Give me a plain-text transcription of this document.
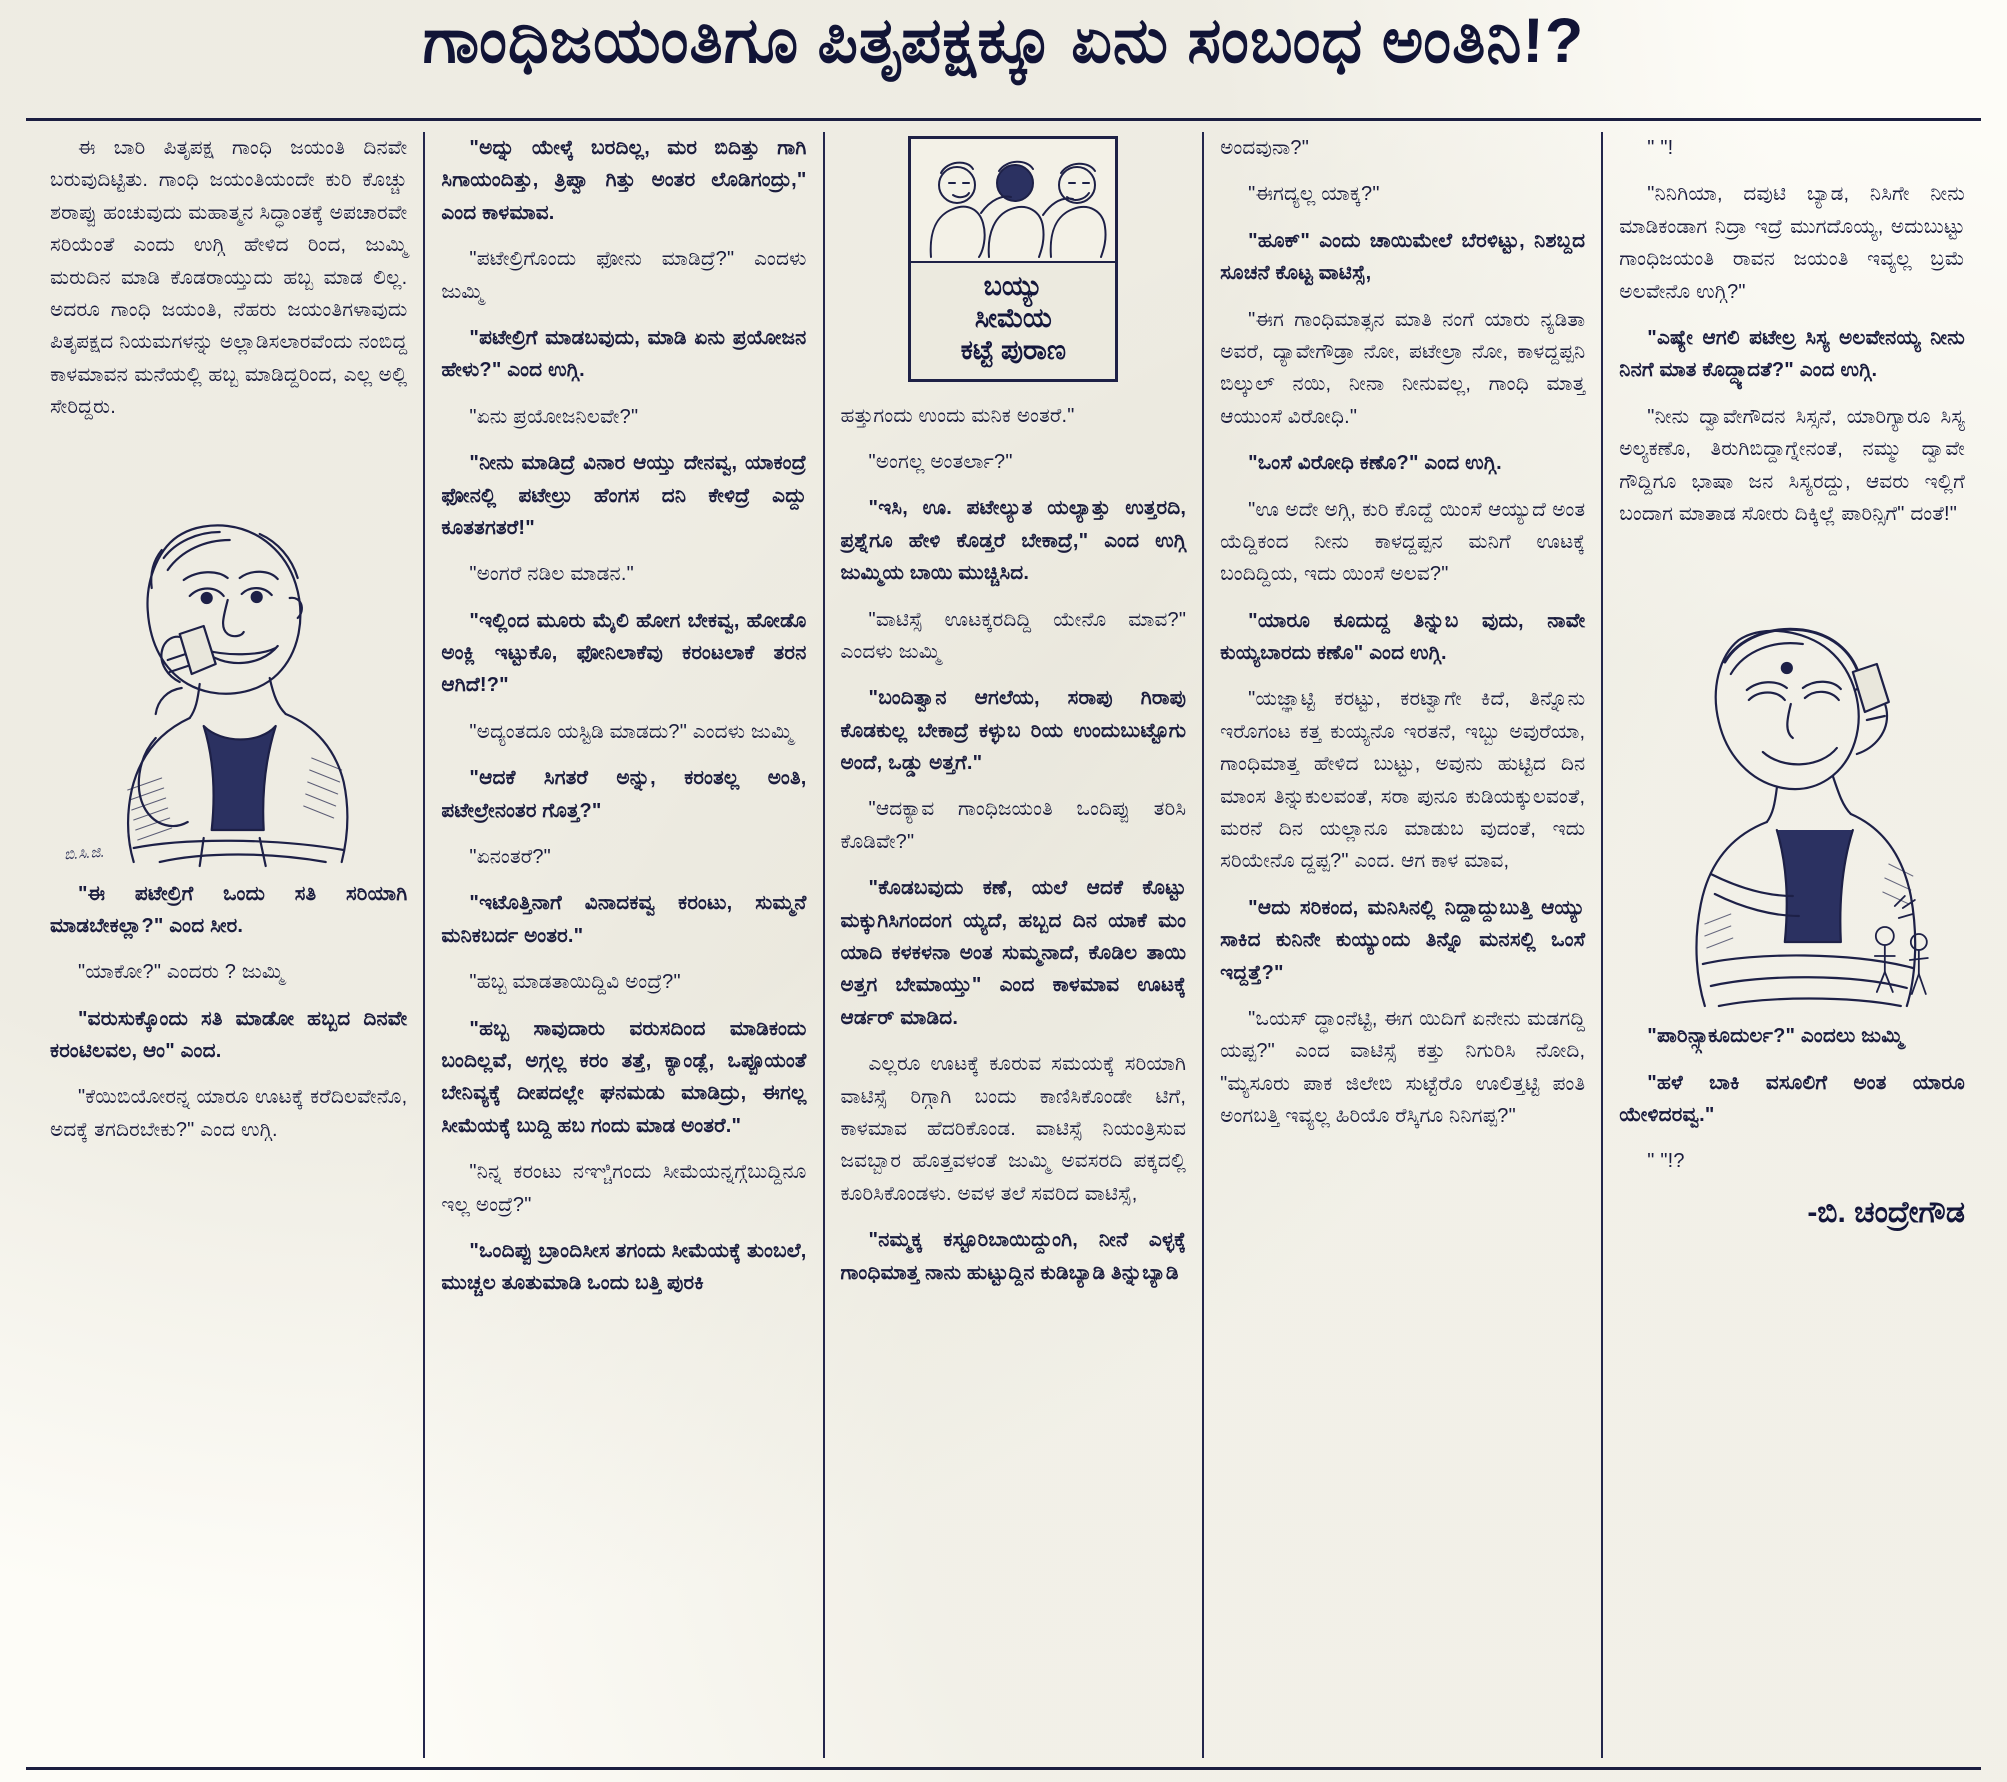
ಗಾಂಧಿಜಯಂತಿಗೂ ಪಿತೃಪಕ್ಷಕ್ಕೂ ಏನು ಸಂಬಂಧ ಅಂತಿನಿ!?

ಈ ಬಾರಿ ಪಿತೃಪಕ್ಷ ಗಾಂಧಿ ಜಯಂತಿ ದಿನವೇ ಬರುವುದಿಟ್ಟಿತು. ಗಾಂಧಿ ಜಯಂತಿಯಂದೇ ಕುರಿ ಕೊಚ್ಚು ಶರಾಪ್ಪು ಹಂಚುವುದು ಮಹಾತ್ಮನ ಸಿದ್ಧಾಂತಕ್ಕೆ ಅಪಚಾರವೇ ಸರಿಯೆಂತೆ ಎಂದು ಉಗ್ಗಿ ಹೇಳಿದ ರಿಂದ, ಜುಮ್ಮಿ ಮರುದಿನ ಮಾಡಿ ಕೊಡರಾಯ್ತುದು ಹಬ್ಬ ಮಾಡ ಲಿಲ್ಲ. ಅದರೂ ಗಾಂಧಿ ಜಯಂತಿ, ನೆಹರು ಜಯಂತಿಗಳಾವುದು ಪಿತೃಪಕ್ಷದ ನಿಯಮಗಳನ್ನು ಅಲ್ಲಾಡಿಸಲಾರವೆಂದು ನಂಬಿದ್ದ ಕಾಳಮಾವನ ಮನೆಯಲ್ಲಿ ಹಬ್ಬ ಮಾಡಿದ್ದರಿಂದ, ಎಲ್ಲ ಅಲ್ಲಿ ಸೇರಿದ್ದರು.

ಬಿ.ಸಿ.ಜಿ.

"ಈ ಪಟೇಲ್ರಿಗೆ ಒಂದು ಸತಿ ಸರಿಯಾಗಿ ಮಾಡಬೇಕಲ್ಲಾ?" ಎಂದ ಸೀರ.

"ಯಾಕೋ?" ಎಂದರು ? ಜುಮ್ಮಿ

"ವರುಸುಕ್ಕೊಂದು ಸತಿ ಮಾಡೋ ಹಬ್ಬದ ದಿನವೇ ಕರಂಟಿಲವಲ, ಆಂ" ಎಂದ.

"ಕೆಯಿಬಿಯೋರನ್ನ ಯಾರೂ ಊಟಕ್ಕೆ ಕರೆದಿಲವೇನೊ, ಅದಕ್ಕೆ ತಗದಿರಬೇಕು?" ಎಂದ ಉಗ್ಗಿ.

"ಅದ್ನು ಯೇಳ್ಕೆ ಬರದಿಲ್ಲ, ಮರ ಬಿದಿತ್ತು ಗಾಗಿ ಸಿಗಾಯಂದಿತ್ತು, ತ್ರಿಪ್ವಾ ಗಿತ್ತು ಅಂತರ ಲೊಡಿಗಂದ್ರು," ಎಂದ ಕಾಳಮಾವ.

"ಪಟೇಲ್ರಿಗೊಂದು ಫೋನು ಮಾಡಿದ್ರೆ?" ಎಂದಳು ಜುಮ್ಮಿ

"ಪಟೇಲ್ರಿಗೆ ಮಾಡಬವುದು, ಮಾಡಿ ಏನು ಪ್ರಯೋಜನ ಹೇಳು?" ಎಂದ ಉಗ್ಗಿ.

"ಏನು ಪ್ರಯೋಜನಿಲವೇ?"

"ನೀನು ಮಾಡಿದ್ರೆ ವಿನಾರ ಆಯ್ತು ದೇನವ್ವ, ಯಾಕಂದ್ರೆ ಫೋನಲ್ಲಿ ಪಟೇಲ್ರು ಹೆಂಗಸ ದನಿ ಕೇಳಿದ್ರೆ ಎದ್ದು ಕೂತತಗತರೆ!"

"ಅಂಗರೆ ನಡಿಲ ಮಾಡನ."

"ಇಲ್ಲಿಂದ ಮೂರು ಮೈಲಿ ಹೋಗ ಬೇಕವ್ವ, ಹೋಡೊ ಅಂಕ್ಲಿ ಇಟ್ಟುಕೊ, ಫೋನಿಲಾಕೆವು ಕರಂಟಲಾಕೆ ತರನ ಆಗಿದೆ!?"

"ಅದ್ಯಂತದೂ ಯಸ್ಟಿಡಿ ಮಾಡದು?" ಎಂದಳು ಜುಮ್ಮಿ

"ಆದಕೆ ಸಿಗತರೆ ಅನ್ನು, ಕರಂತಲ್ಲ ಅಂತಿ, ಪಟೇಲ್ರೇನಂತರ ಗೊತ್ತ?"

"ಏನಂತರೆ?"

"ಇಟೊತ್ತಿನಾಗೆ ವಿನಾದಕವ್ವ ಕರಂಟು, ಸುಮ್ಮನೆ ಮನಿಕಬರ್ದ ಅಂತರ."

"ಹಬ್ಬ ಮಾಡತಾಯಿದ್ದಿವಿ ಅಂದ್ರೆ?"

"ಹಬ್ಬ ಸಾವುದಾರು ವರುಸದಿಂದ ಮಾಡಿಕಂದು ಬಂದಿಲ್ಲವೆ, ಅಗ್ಗಲ್ಲ ಕರಂ ತತ್ತೆ, ಕ್ಯಾಂಡ್ಲೆ, ಒಪ್ಪೂಯಂತೆ ಬೇನಿವ್ಯಕ್ಕೆ ದೀಪದಲ್ಲೇ ಘನಮಡು ಮಾಡಿದ್ರು, ಈಗಲ್ಲ ಸೀಮೆಯಕ್ಕೆ ಬುದ್ದಿ ಹಬ ಗಂದು ಮಾಡ ಅಂತರೆ."

"ನಿನ್ನ ಕರಂಟು ನಞ್ಚಿಗಂದು ಸೀಮೆಯನ್ನಗ್ಗೆಬುದ್ದಿನೂ ಇಲ್ಲ ಅಂದ್ರೆ?"

"ಒಂದಿಪ್ಪು ಬ್ರಾಂದಿಸೀಸ ತಗಂದು ಸೀಮೆಯಕ್ಕೆ ತುಂಬಲೆ, ಮುಚ್ಚಲ ತೂತುಮಾಡಿ ಒಂದು ಬತ್ತಿ ಪುರಕಿ

ಬಯ್ಯು
ಸೀಮೆಯ
ಕಟ್ಟೆ ಪುರಾಣ

ಹತ್ತುಗಂದು ಉಂದು ಮನಿಕ ಅಂತರೆ."

"ಅಂಗಲ್ಲ ಅಂತರ್ಲಾ?"

"ಇಸಿ, ಊ. ಪಟೇಲ್ಯುತ ಯಲ್ಯಾತ್ತು ಉತ್ತರದಿ, ಪ್ರಶ್ನೆಗೂ ಹೇಳಿ ಕೊಡ್ತರೆ ಬೇಕಾದ್ರೆ," ಎಂದ ಉಗ್ಗಿ ಜುಮ್ಮಿಯ ಬಾಯಿ ಮುಚ್ಚಿಸಿದ.

"ವಾಟಿಸ್ಸೆ ಊಟಕ್ಕರದಿದ್ದಿ ಯೇನೊ ಮಾವ?" ಎಂದಳು ಜುಮ್ಮಿ

"ಬಂದಿತ್ವಾನ ಆಗಲೆಯ, ಸರಾಪು ಗಿರಾಪು ಕೊಡಕುಲ್ಲ ಬೇಕಾದ್ರೆ ಕಳ್ಳುಬ ರಿಯ ಉಂದುಬುಟ್ಟೊಗು ಅಂದೆ, ಒಡ್ಡು ಅತ್ತಗೆ."

"ಆದಕ್ಯಾವ ಗಾಂಧಿಜಯಂತಿ ಒಂದಿಪ್ಪು ತರಿಸಿ ಕೊಡಿವೇ?"

"ಕೊಡಬವುದು ಕಣೆ, ಯಲೆ ಆದಕೆ ಕೊಟ್ಟು ಮಕ್ಕುಗಿಸಿಗಂದಂಗ ಯ್ಯದೆ, ಹಬ್ಬದ ದಿನ ಯಾಕೆ ಮಂ ಯಾದಿ ಕಳಕಳನಾ ಅಂತ ಸುಮ್ಮನಾದೆ, ಕೊಡಿಲ ತಾಯಿ ಅತ್ತಗ ಬೇಮಾಯ್ತು" ಎಂದ ಕಾಳಮಾವ ಊಟಕ್ಕೆ ಆರ್ಡರ್ ಮಾಡಿದ.

ಎಲ್ಲರೂ ಊಟಕ್ಕೆ ಕೂರುವ ಸಮಯಕ್ಕೆ ಸರಿಯಾಗಿ ವಾಟಿಸ್ಸೆ ರಿಗ್ಗಾಗಿ ಬಂದು ಕಾಣಿಸಿಕೊಂಡೇ ಟಿಗೆ, ಕಾಳಮಾವ ಹೆದರಿಕೊಂಡ. ವಾಟಿಸ್ಸೆ ನಿಯಂತ್ರಿಸುವ ಜವಬ್ಬಾರ ಹೊತ್ತವಳಂತೆ ಜುಮ್ಮಿ ಅವಸರದಿ ಪಕ್ಕದಲ್ಲಿ ಕೂರಿಸಿಕೊಂಡಳು. ಅವಳ ತಲೆ ಸವರಿದ ವಾಟಿಸ್ಸೆ,

"ನಮ್ಮಕ್ಕ ಕಸ್ಟೂರಿಬಾಯಿದ್ದುಂಗಿ, ನೀನೆ ಎಳ್ಳಕ್ಕೆ ಗಾಂಧಿಮಾತ್ತ ನಾನು ಹುಟ್ಟುದ್ದಿನ ಕುಡಿಬ್ಯಾಡಿ ತಿನ್ನುಬ್ಯಾಡಿ

ಅಂದವುನಾ?"

"ಈಗದ್ಯಲ್ಲ ಯಾಕ್ಕ?"

"ಹೂಕ್" ಎಂದು ಚಾಯಿಮೇಲೆ ಬೆರಳಿಟ್ಟು, ನಿಶಬ್ದದ ಸೂಚನೆ ಕೊಟ್ಟ ವಾಟಿಸ್ಸೆ,

"ಈಗ ಗಾಂಧಿಮಾತ್ಸನ ಮಾತಿ ನಂಗೆ ಯಾರು ನ್ಯಡಿತಾ ಅವರೆ, ದ್ಯಾವೇಗೌಡ್ರಾ ನೋ, ಪಟೇಲ್ರಾ ನೋ, ಕಾಳದ್ದಪ್ಪನಿ ಬಿಲ್ಕುಲ್ ನಯಿ, ನೀನಾ ನೀನುವಲ್ಲ, ಗಾಂಧಿ ಮಾತ್ತ ಆಯುಂಸೆ ವಿರೋಧಿ."

"ಒಂಸೆ ವಿರೋಧಿ ಕಣೊ?" ಎಂದ ಉಗ್ಗಿ.

"ಊ ಅದೇ ಅಗ್ಗಿ, ಕುರಿ ಕೊದ್ದೆ ಯಿಂಸೆ ಆಯ್ಯುದೆ ಅಂತ ಯೆದ್ದಿಕಂದ ನೀನು ಕಾಳದ್ದಪ್ಪನ ಮನಿಗೆ ಊಟಕ್ಕೆ ಬಂದಿದ್ದಿಯ, ಇದು ಯಿಂಸೆ ಅಲವ?"

"ಯಾರೂ ಕೂದುದ್ದ ತಿನ್ನುಬ ವುದು, ನಾವೇ ಕುಯ್ಯಬಾರದು ಕಣೊ" ಎಂದ ಉಗ್ಗಿ.

"ಯಜ್ಞಾಟ್ಟಿ ಕರಟ್ಟು, ಕರಟ್ವಾಗೇ ಕಿದೆ, ತಿನ್ನೊನು ಇರೊಗಂಟ ಕತ್ತ ಕುಯ್ಯನೊ ಇರತನೆ, ಇಬ್ಬು ಅವುರೆಯಾ, ಗಾಂಧಿಮಾತ್ತ ಹೇಳಿದ ಬುಟ್ಟು, ಅವುನು ಹುಟ್ಟಿದ ದಿನ ಮಾಂಸ ತಿನ್ನುಕುಲವಂತೆ, ಸರಾ ಪುನೂ ಕುಡಿಯಕ್ಕುಲವಂತೆ, ಮರನೆ ದಿನ ಯಲ್ಲಾನೂ ಮಾಡುಬ ವುದಂತೆ, ಇದು ಸರಿಯೇನೊ ದ್ದಪ್ಪ?" ಎಂದ. ಆಗ ಕಾಳ ಮಾವ,

"ಆದು ಸರಿಕಂದ, ಮನಿಸಿನಲ್ಲಿ ನಿದ್ದಾದ್ದುಬುತ್ತಿ ಆಯ್ಯು ಸಾಕಿದ ಕುನಿನೇ ಕುಯ್ಯುಂದು ತಿನ್ನೊ ಮನಸಲ್ಲಿ ಒಂಸೆ ಇದ್ದತ್ತೆ?"

"ಒಯಸ್ ದ್ಧಾಂನೆಟ್ಟಿ, ಈಗ ಯಿದಿಗೆ ಏನೇನು ಮಡಗದ್ದಿ ಯಪ್ಪ?" ಎಂದ ವಾಟಿಸ್ಸೆ ಕತ್ತು ನಿಗುರಿಸಿ ನೋದಿ, "ಮ್ಯಸೂರು ಪಾಕ ಜಿಲೇಬಿ ಸುಟ್ಟೆರೊ ಊಲಿತ್ತಟ್ಟಿ ಪಂತಿ ಅಂಗಬತ್ತಿ ಇವ್ಯಲ್ಲ ಹಿರಿಯೊ ರೆಸ್ಕಿಗೂ ನಿನಿಗಪ್ಪ?"

" "!

"ನಿನಿಗಿಯಾ, ದವುಟಿ ಬ್ಯಾಡ, ನಿಸಿಗೇ ನೀನು ಮಾಡಿಕಂಡಾಗ ನಿದ್ರಾ ಇದ್ರೆ ಮುಗದೊಯ್ಯ, ಅದುಬುಟ್ಟು ಗಾಂಧಿಜಯಂತಿ ರಾವನ ಜಯಂತಿ ಇವ್ಯಲ್ಲ ಬ್ರಮೆ ಅಲವೇನೊ ಉಗ್ಗಿ?"

"ಎಷ್ಯೇ ಆಗಲಿ ಪಟೇಲ್ರ ಸಿಸ್ಯ ಅಲವೇನಯ್ಯ ನೀನು ನಿನಗೆ ಮಾತ ಕೊದ್ದ್ಯಾದತೆ?" ಎಂದ ಉಗ್ಗಿ.

"ನೀನು ದ್ವಾವೇಗೌದನ ಸಿಸ್ಸನೆ, ಯಾರಿಗ್ಯಾರೂ ಸಿಸ್ಯ ಅಲ್ಯಕಣೊ, ತಿರುಗಿಬಿದ್ದಾಗ್ನೇನಂತೆ, ನಮ್ಮು ದ್ವಾವೇ ಗೌದ್ದಿಗೂ ಭಾಷಾ ಜನ ಸಿಸ್ಯರದ್ದು, ಆವರು ಇಲ್ಲಿಗೆ ಬಂದಾಗ ಮಾತಾಡ ಸೋರು ದಿಕ್ಕಿಲ್ಲೆ ಪಾರಿನ್ಸಿಗೆ" ದಂತೆ!"

"ಪಾರಿನ್ಸ್ಗಾಕೂದುರ್ಲ?" ಎಂದಲು ಜುಮ್ಮಿ

"ಹಳೆ ಬಾಕಿ ವಸೂಲಿಗೆ ಅಂತ ಯಾರೂ ಯೇಳಿದರವ್ವ."

" "!?

-ಬಿ. ಚಂದ್ರೇಗೌಡ
